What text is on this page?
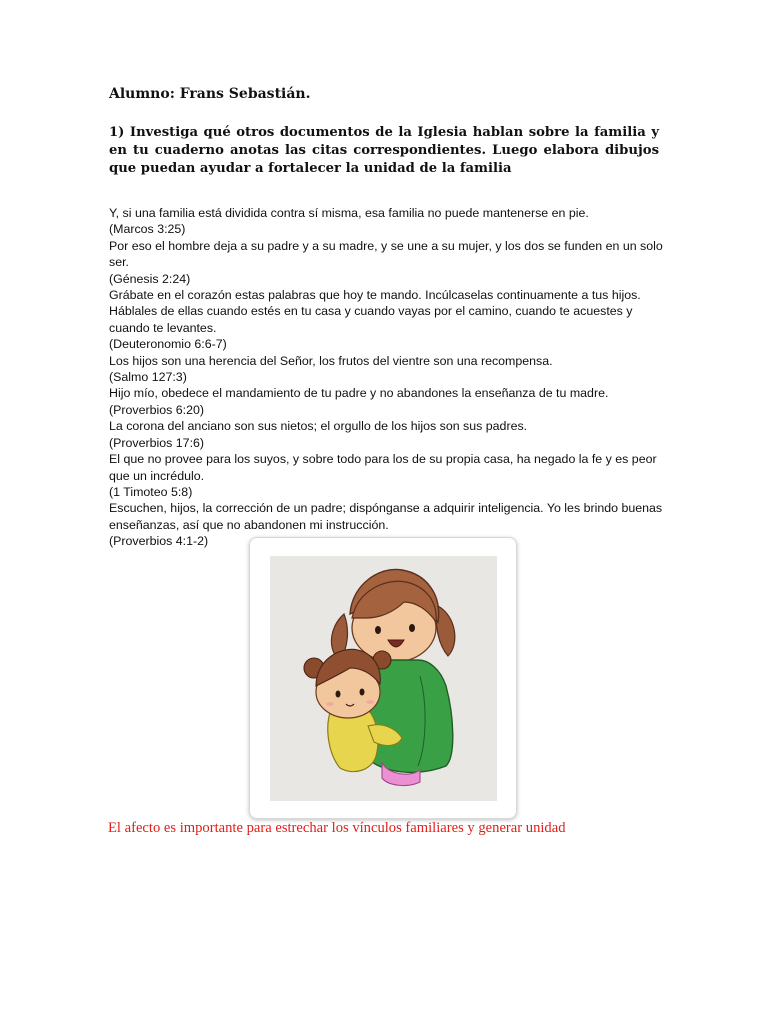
Alumno: Frans Sebastián.

1) Investiga qué otros documentos de la Iglesia hablan sobre la familia y en tu cuaderno anotas las citas correspondientes. Luego elabora dibujos que puedan ayudar a fortalecer la unidad de la familia

Y, si una familia está dividida contra sí misma, esa familia no puede mantenerse en pie.
(Marcos 3:25)
Por eso el hombre deja a su padre y a su madre, y se une a su mujer, y los dos se funden en un solo ser.
(Génesis 2:24)
Grábate en el corazón estas palabras que hoy te mando. Incúlcaselas continuamente a tus hijos. Háblales de ellas cuando estés en tu casa y cuando vayas por el camino, cuando te acuestes y cuando te levantes.
(Deuteronomio 6:6-7)
Los hijos son una herencia del Señor, los frutos del vientre son una recompensa.
(Salmo 127:3)
Hijo mío, obedece el mandamiento de tu padre y no abandones la enseñanza de tu madre.
(Proverbios 6:20)
La corona del anciano son sus nietos; el orgullo de los hijos son sus padres.
(Proverbios 17:6)
El que no provee para los suyos, y sobre todo para los de su propia casa, ha negado la fe y es peor que un incrédulo.
(1 Timoteo 5:8)
Escuchen, hijos, la corrección de un padre; dispónganse a adquirir inteligencia. Yo les brindo buenas enseñanzas, así que no abandonen mi instrucción.
(Proverbios 4:1-2)

El afecto es importante para estrechar los vínculos familiares y generar unidad
